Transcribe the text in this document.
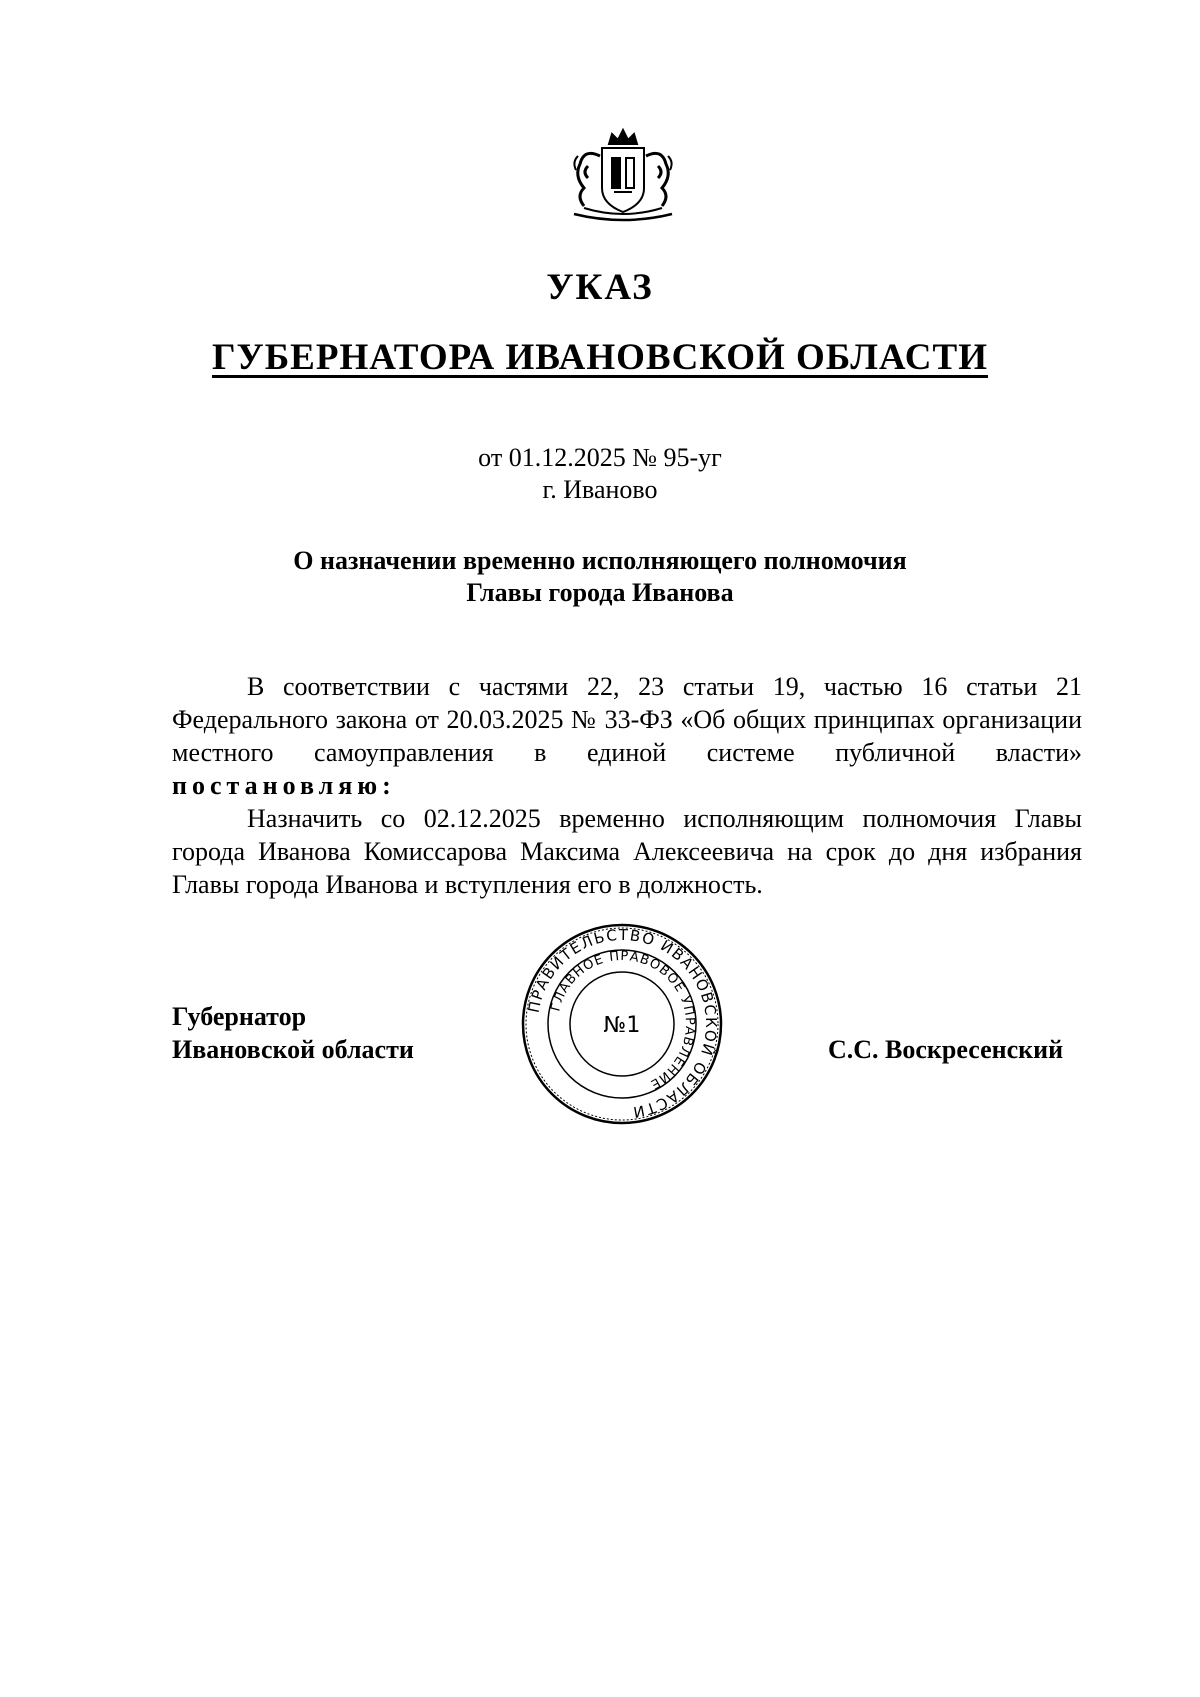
УКАЗ
ГУБЕРНАТОРА ИВАНОВСКОЙ ОБЛАСТИ
от 01.12.2025 № 95-уг
г. Иваново
О назначении временно исполняющего полномочия
Главы города Иванова

В соответствии с частями 22, 23 статьи 19, частью 16 статьи 21 Федерального закона от 20.03.2025 № 33-ФЗ «Об общих принципах организации местного самоуправления в единой системе публичной власти» постановляю:

Назначить со 02.12.2025 временно исполняющим полномочия Главы города Иванова Комиссарова Максима Алексеевича на срок до дня избрания Главы города Иванова и вступления его в должность.

Губернатор
Ивановской области
ПРАВИТЕЛЬСТВО ИВАНОВСКОЙ ОБЛАСТИ
ГЛАВНОЕ ПРАВОВОЕ УПРАВЛЕНИЕ
№1
С.С. Воскресенский
